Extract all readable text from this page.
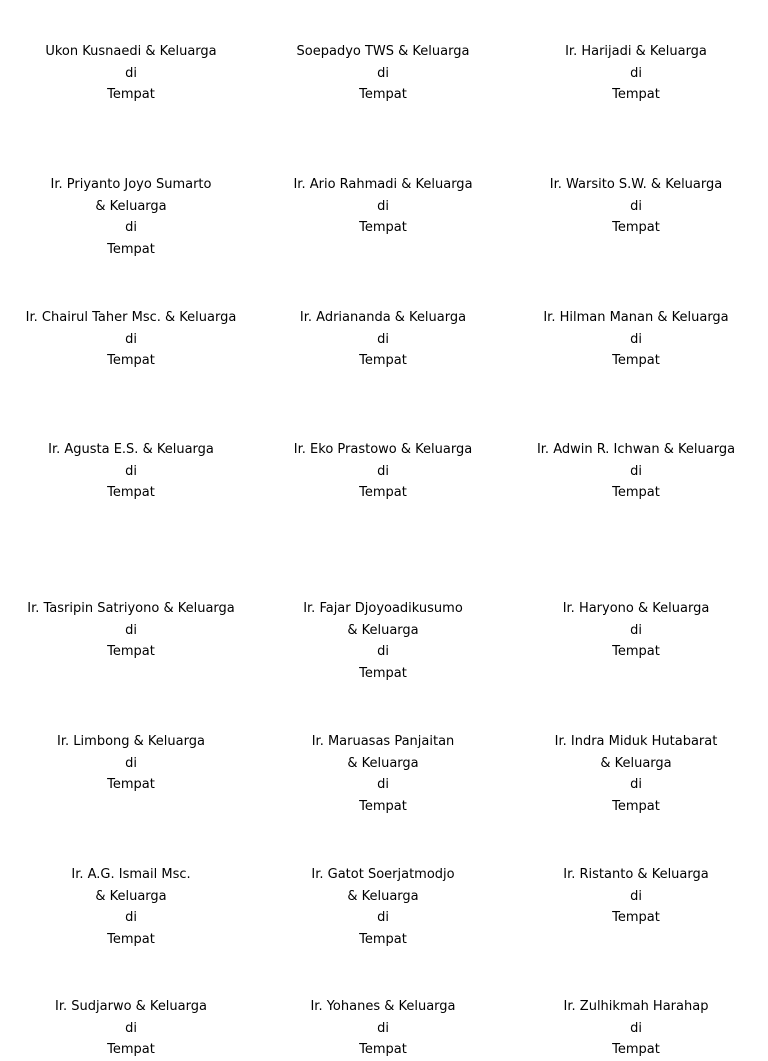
Ukon Kusnaedi & Keluarga
di
Tempat
Soepadyo TWS & Keluarga
di
Tempat
Ir. Harijadi & Keluarga
di
Tempat
Ir. Priyanto Joyo Sumarto
& Keluarga
di
Tempat
Ir. Ario Rahmadi & Keluarga
di
Tempat
Ir. Warsito S.W. & Keluarga
di
Tempat
Ir. Chairul Taher Msc. & Keluarga
di
Tempat
Ir. Adriananda & Keluarga
di
Tempat
Ir. Hilman Manan & Keluarga
di
Tempat
Ir. Agusta E.S. & Keluarga
di
Tempat
Ir. Eko Prastowo & Keluarga
di
Tempat
Ir. Adwin R. Ichwan & Keluarga
di
Tempat
Ir. Tasripin Satriyono & Keluarga
di
Tempat
Ir. Fajar Djoyoadikusumo
& Keluarga
di
Tempat
Ir. Haryono & Keluarga
di
Tempat
Ir. Limbong & Keluarga
di
Tempat
Ir. Maruasas Panjaitan
& Keluarga
di
Tempat
Ir. Indra Miduk Hutabarat
& Keluarga
di
Tempat
Ir. A.G. Ismail Msc.
& Keluarga
di
Tempat
Ir. Gatot Soerjatmodjo
& Keluarga
di
Tempat
Ir. Ristanto & Keluarga
di
Tempat
Ir. Sudjarwo & Keluarga
di
Tempat
Ir. Yohanes & Keluarga
di
Tempat
Ir. Zulhikmah Harahap
di
Tempat
